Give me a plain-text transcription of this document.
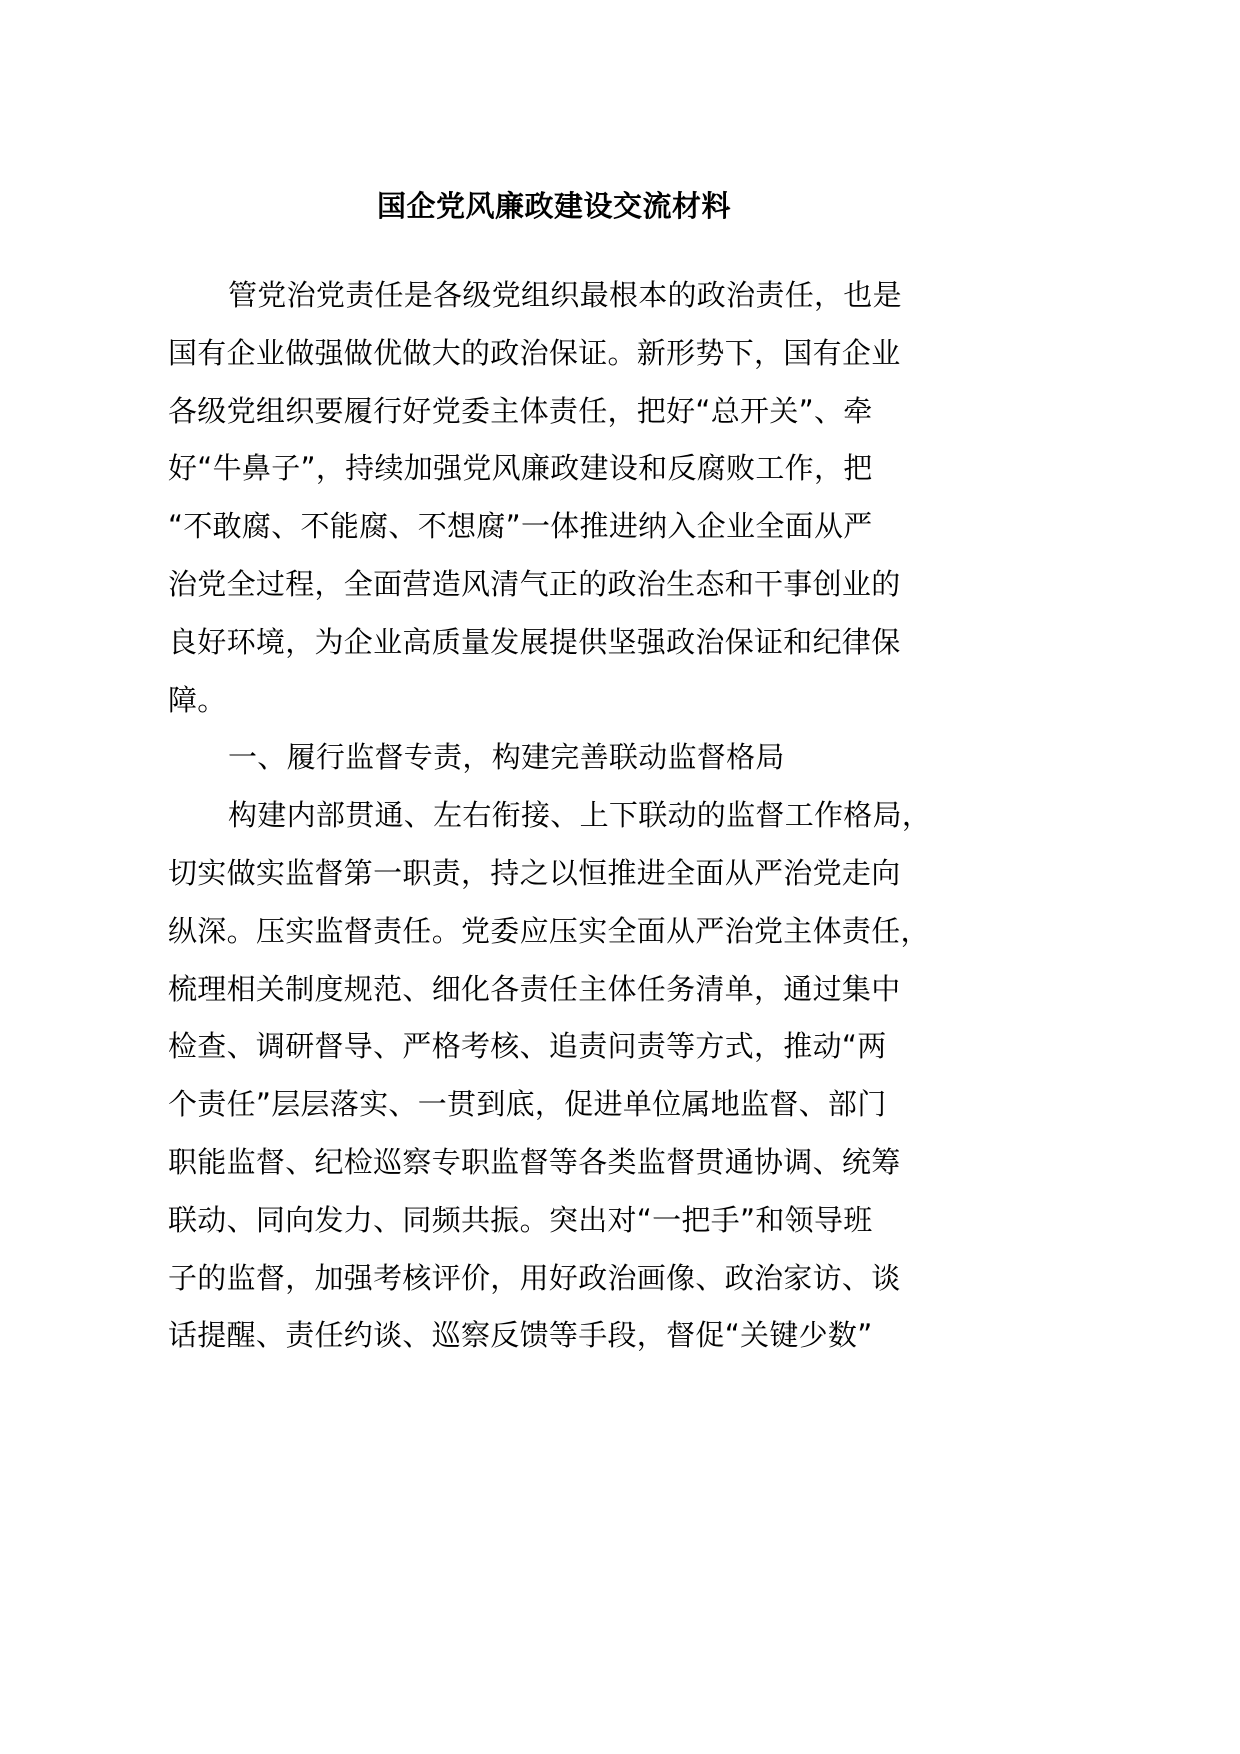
国企党风廉政建设交流材料
管党治党责任是各级党组织最根本的政治责任，也是
国有企业做强做优做大的政治保证。新形势下，国有企业
各级党组织要履行好党委主体责任，把好“总开关”、牵
好“牛鼻子”，持续加强党风廉政建设和反腐败工作，把
“不敢腐、不能腐、不想腐”一体推进纳入企业全面从严
治党全过程，全面营造风清气正的政治生态和干事创业的
良好环境，为企业高质量发展提供坚强政治保证和纪律保
障。
一、履行监督专责，构建完善联动监督格局
构建内部贯通、左右衔接、上下联动的监督工作格局，
切实做实监督第一职责，持之以恒推进全面从严治党走向
纵深。压实监督责任。党委应压实全面从严治党主体责任，
梳理相关制度规范、细化各责任主体任务清单，通过集中
检查、调研督导、严格考核、追责问责等方式，推动“两
个责任”层层落实、一贯到底，促进单位属地监督、部门
职能监督、纪检巡察专职监督等各类监督贯通协调、统筹
联动、同向发力、同频共振。突出对“一把手”和领导班
子的监督，加强考核评价，用好政治画像、政治家访、谈
话提醒、责任约谈、巡察反馈等手段，督促“关键少数”
